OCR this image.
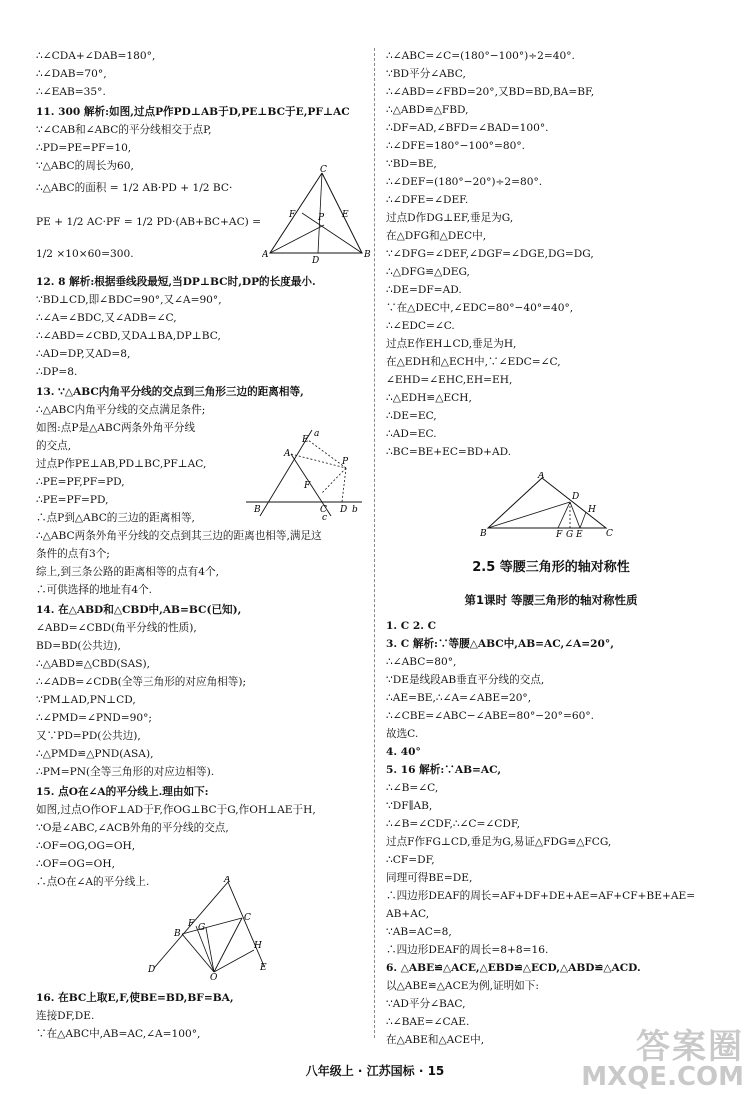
∴∠CDA+∠DAB=180°,
∴∠DAB=70°,
∴∠EAB=35°.
11. 300 解析:如图,过点P作PD⊥AB于D,PE⊥BC于E,PF⊥AC
∵∠CAB和∠ABC的平分线相交于点P,
∴PD=PE=PF=10,
∵△ABC的周长为60,
∴△ABC的面积 = 1/2 AB·PD + 1/2 BC·
PE + 1/2 AC·PF = 1/2 PD·(AB+BC+AC) =
1/2 ×10×60=300.
12. 8 解析:根据垂线段最短,当DP⊥BC时,DP的长度最小.
∵BD⊥CD,即∠BDC=90°,又∠A=90°,
∴∠A=∠BDC,又∠ADB=∠C,
∴∠ABD=∠CBD,又DA⊥BA,DP⊥BC,
∴AD=DP,又AD=8,
∴DP=8.
13. ∵△ABC内角平分线的交点到三角形三边的距离相等,
∴△ABC内角平分线的交点满足条件;
如图:点P是△ABC两条外角平分线
的交点,
过点P作PE⊥AB,PD⊥BC,PF⊥AC,
∴PE=PF,PF=PD,
∴PE=PF=PD,
∴点P到△ABC的三边的距离相等,
∴△ABC两条外角平分线的交点到其三边的距离也相等,满足这
条件的点有3个;
综上,到三条公路的距离相等的点有4个,
∴可供选择的地址有4个.
14. 在△ABD和△CBD中,AB=BC(已知),
∠ABD=∠CBD(角平分线的性质),
BD=BD(公共边),
∴△ABD≌△CBD(SAS),
∴∠ADB=∠CDB(全等三角形的对应角相等);
∵PM⊥AD,PN⊥CD,
∴∠PMD=∠PND=90°;
又∵PD=PD(公共边),
∴△PMD≌△PND(ASA),
∴PM=PN(全等三角形的对应边相等).
15. 点O在∠A的平分线上.理由如下:
如图,过点O作OF⊥AD于F,作OG⊥BC于G,作OH⊥AE于H,
∵O是∠ABC,∠ACB外角的平分线的交点,
∴OF=OG,OG=OH,
∴OF=OG=OH,
∴点O在∠A的平分线上.
16. 在BC上取E,F,使BE=BD,BF=BA,
连接DF,DE.
∵在△ABC中,AB=AC,∠A=100°,
∴∠ABC=∠C=(180°−100°)÷2=40°.
∵BD平分∠ABC,
∴∠ABD=∠FBD=20°,又BD=BD,BA=BF,
∴△ABD≌△FBD,
∴DF=AD,∠BFD=∠BAD=100°.
∴∠DFE=180°−100°=80°.
∵BD=BE,
∴∠DEF=(180°−20°)÷2=80°.
∴∠DFE=∠DEF.
过点D作DG⊥EF,垂足为G,
在△DFG和△DEC中,
∵∠DFG=∠DEF,∠DGF=∠DGE,DG=DG,
∴△DFG≌△DEG,
∴DE=DF=AD.
∵在△DEC中,∠EDC=80°−40°=40°,
∴∠EDC=∠C.
过点E作EH⊥CD,垂足为H,
在△EDH和△ECH中,∵∠EDC=∠C,
∠EHD=∠EHC,EH=EH,
∴△EDH≌△ECH,
∴DE=EC,
∴AD=EC.
∴BC=BE+EC=BD+AD.
1. C 2. C
3. C 解析:∵等腰△ABC中,AB=AC,∠A=20°,
∴∠ABC=80°,
∵DE是线段AB垂直平分线的交点,
∴AE=BE,∴∠A=∠ABE=20°,
∴∠CBE=∠ABC−∠ABE=80°−20°=60°.
故选C.
4. 40°
5. 16 解析:∵AB=AC,
∴∠B=∠C,
∵DF∥AB,
∴∠B=∠CDF,∴∠C=∠CDF,
过点F作FG⊥CD,垂足为G,易证△FDG≌△FCG,
∴CF=DF,
同理可得BE=DE,
∴四边形DEAF的周长=AF+DF+DE+AE=AF+CF+BE+AE=
AB+AC,
∵AB=AC=8,
∴四边形DEAF的周长=8+8=16.
6. △ABE≌△ACE,△EBD≌△ECD,△ABD≌△ACD.
以△ABE≌△ACE为例,证明如下:
∵AD平分∠BAC,
∴∠BAE=∠CAE.
在△ABE和△ACE中,
2.5 等腰三角形的轴对称性
第1课时 等腰三角形的轴对称性质
C
A	B
F	E
P
D
A
B	C D
E
F
P
a
b
c
A
B
C
D	E
F G
H
O
A
B	C
D
F G E
H
八年级上 · 江苏国标 · 15
答案圈
MXQE.COM
